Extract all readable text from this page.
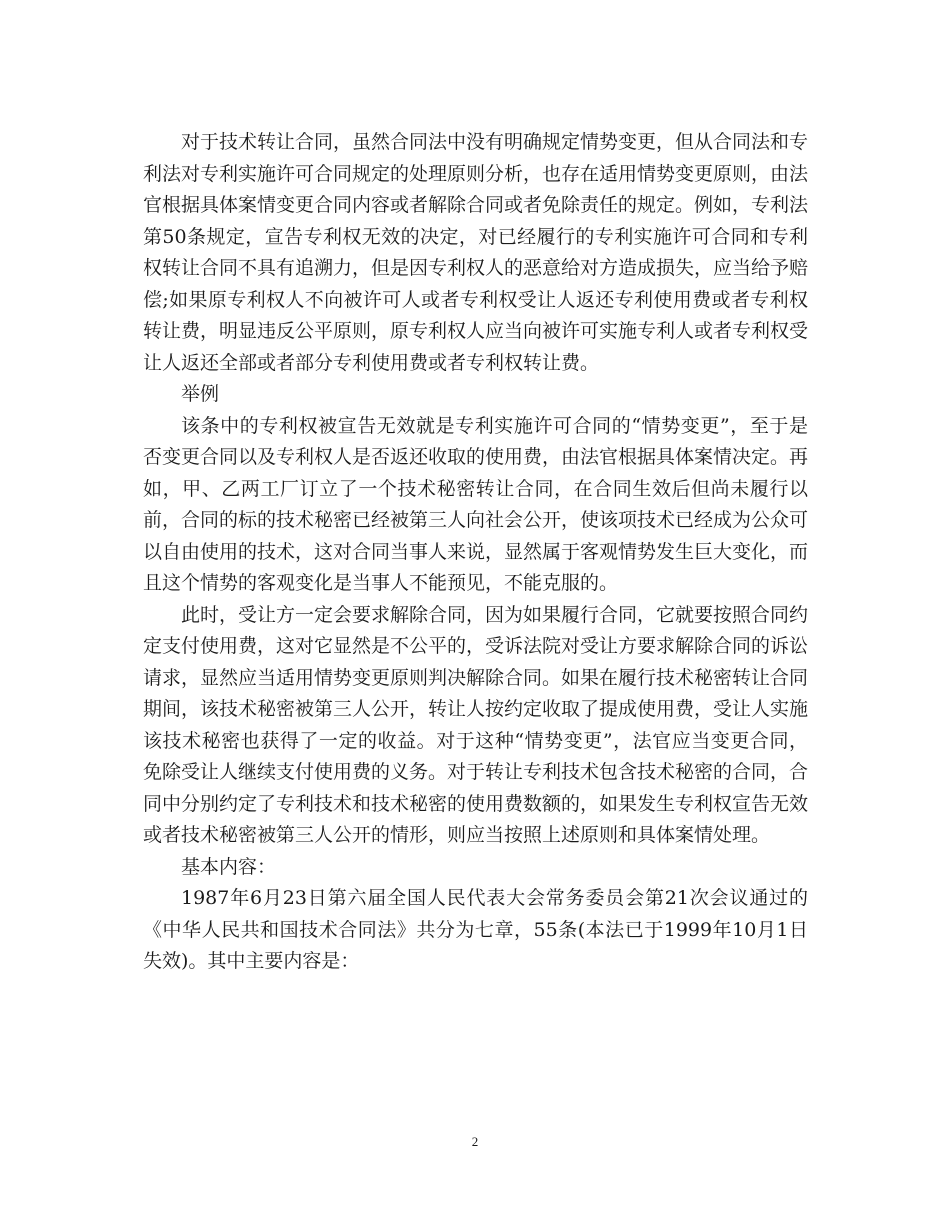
对于技术转让合同，虽然合同法中没有明确规定情势变更，但从合同法和专利法对专利实施许可合同规定的处理原则分析，也存在适用情势变更原则，由法官根据具体案情变更合同内容或者解除合同或者免除责任的规定。例如，专利法第50条规定，宣告专利权无效的决定，对已经履行的专利实施许可合同和专利权转让合同不具有追溯力，但是因专利权人的恶意给对方造成损失，应当给予赔偿;如果原专利权人不向被许可人或者专利权受让人返还专利使用费或者专利权转让费，明显违反公平原则，原专利权人应当向被许可实施专利人或者专利权受让人返还全部或者部分专利使用费或者专利权转让费。

举例

该条中的专利权被宣告无效就是专利实施许可合同的“情势变更”，至于是否变更合同以及专利权人是否返还收取的使用费，由法官根据具体案情决定。再如，甲、乙两工厂订立了一个技术秘密转让合同，在合同生效后但尚未履行以前，合同的标的技术秘密已经被第三人向社会公开，使该项技术已经成为公众可以自由使用的技术，这对合同当事人来说，显然属于客观情势发生巨大变化，而且这个情势的客观变化是当事人不能预见，不能克服的。

此时，受让方一定会要求解除合同，因为如果履行合同，它就要按照合同约定支付使用费，这对它显然是不公平的，受诉法院对受让方要求解除合同的诉讼请求，显然应当适用情势变更原则判决解除合同。如果在履行技术秘密转让合同期间，该技术秘密被第三人公开，转让人按约定收取了提成使用费，受让人实施该技术秘密也获得了一定的收益。对于这种“情势变更”，法官应当变更合同，免除受让人继续支付使用费的义务。对于转让专利技术包含技术秘密的合同，合同中分别约定了专利技术和技术秘密的使用费数额的，如果发生专利权宣告无效或者技术秘密被第三人公开的情形，则应当按照上述原则和具体案情处理。

基本内容：

1987年6月23日第六届全国人民代表大会常务委员会第21次会议通过的《中华人民共和国技术合同法》共分为七章，55条(本法已于1999年10月1日失效)。其中主要内容是：

2
